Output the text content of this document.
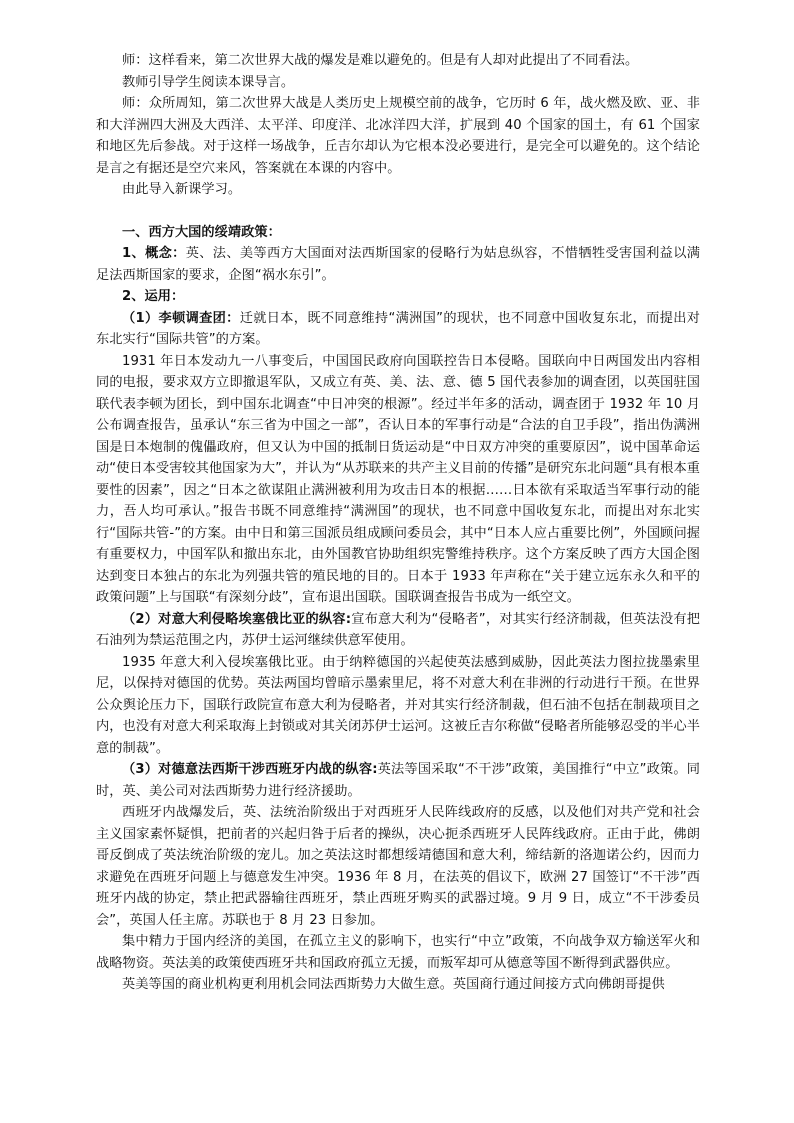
师：这样看来，第二次世界大战的爆发是难以避免的。但是有人却对此提出了不同看法。

教师引导学生阅读本课导言。

师：众所周知，第二次世界大战是人类历史上规模空前的战争，它历时 6 年，战火燃及欧、亚、非和大洋洲四大洲及大西洋、太平洋、印度洋、北冰洋四大洋，扩展到 40 个国家的国土，有 61 个国家和地区先后参战。对于这样一场战争，丘吉尔却认为它根本没必要进行，是完全可以避免的。这个结论是言之有据还是空穴来风，答案就在本课的内容中。

由此导入新课学习。

一、西方大国的绥靖政策：

1、概念：英、法、美等西方大国面对法西斯国家的侵略行为姑息纵容，不惜牺牲受害国利益以满足法西斯国家的要求，企图“祸水东引”。

2、运用：

（1）李顿调查团：迁就日本，既不同意维持“满洲国”的现状，也不同意中国收复东北，而提出对东北实行“国际共管”的方案。

1931 年日本发动九一八事变后，中国国民政府向国联控告日本侵略。国联向中日两国发出内容相同的电报，要求双方立即撤退军队，又成立有英、美、法、意、德 5 国代表参加的调查团，以英国驻国联代表李顿为团长，到中国东北调查“中日冲突的根源”。经过半年多的活动，调查团于 1932 年 10 月公布调查报告，虽承认“东三省为中国之一部”，否认日本的军事行动是“合法的自卫手段”，指出伪满洲国是日本炮制的傀儡政府，但又认为中国的抵制日货运动是“中日双方冲突的重要原因”，说中国革命运动“使日本受害较其他国家为大”，并认为“从苏联来的共产主义目前的传播”是研究东北问题“具有根本重要性的因素”，因之“日本之欲谋阻止满洲被利用为攻击日本的根据……日本欲有采取适当军事行动的能力，吾人均可承认。”报告书既不同意维持“满洲国”的现状，也不同意中国收复东北，而提出对东北实行“国际共管-”的方案。由中日和第三国派员组成顾问委员会，其中“日本人应占重要比例”，外国顾问握有重要权力，中国军队和撤出东北，由外国教官协助组织宪警维持秩序。这个方案反映了西方大国企图达到变日本独占的东北为列强共管的殖民地的目的。日本于 1933 年声称在“关于建立远东永久和平的政策问题”上与国联“有深刻分歧”，宣布退出国联。国联调查报告书成为一纸空文。

（2）对意大利侵略埃塞俄比亚的纵容:宣布意大利为“侵略者”，对其实行经济制裁，但英法没有把石油列为禁运范围之内，苏伊士运河继续供意军使用。

1935 年意大利入侵埃塞俄比亚。由于纳粹德国的兴起使英法感到威胁，因此英法力图拉拢墨索里尼，以保持对德国的优势。英法两国均曾暗示墨索里尼，将不对意大利在非洲的行动进行干预。在世界公众舆论压力下，国联行政院宣布意大利为侵略者，并对其实行经济制裁，但石油不包括在制裁项目之内，也没有对意大利采取海上封锁或对其关闭苏伊士运河。这被丘吉尔称做“侵略者所能够忍受的半心半意的制裁”。

（3）对德意法西斯干涉西班牙内战的纵容:英法等国采取“不干涉”政策，美国推行“中立”政策。同时，英、美公司对法西斯势力进行经济援助。

西班牙内战爆发后，英、法统治阶级出于对西班牙人民阵线政府的反感，以及他们对共产党和社会主义国家素怀疑惧，把前者的兴起归咎于后者的操纵，决心扼杀西班牙人民阵线政府。正由于此，佛朗哥反倒成了英法统治阶级的宠儿。加之英法这时都想绥靖德国和意大利，缔结新的洛迦诺公约，因而力求避免在西班牙问题上与德意发生冲突。1936 年 8 月，在法英的倡议下，欧洲 27 国签订“不干涉”西班牙内战的协定，禁止把武器输往西班牙，禁止西班牙购买的武器过境。9 月 9 日，成立“不干涉委员会”，英国人任主席。苏联也于 8 月 23 日参加。

集中精力于国内经济的美国，在孤立主义的影响下，也实行“中立”政策，不向战争双方输送军火和战略物资。英法美的政策使西班牙共和国政府孤立无援，而叛军却可从德意等国不断得到武器供应。

英美等国的商业机构更利用机会同法西斯势力大做生意。英国商行通过间接方式向佛朗哥提供
